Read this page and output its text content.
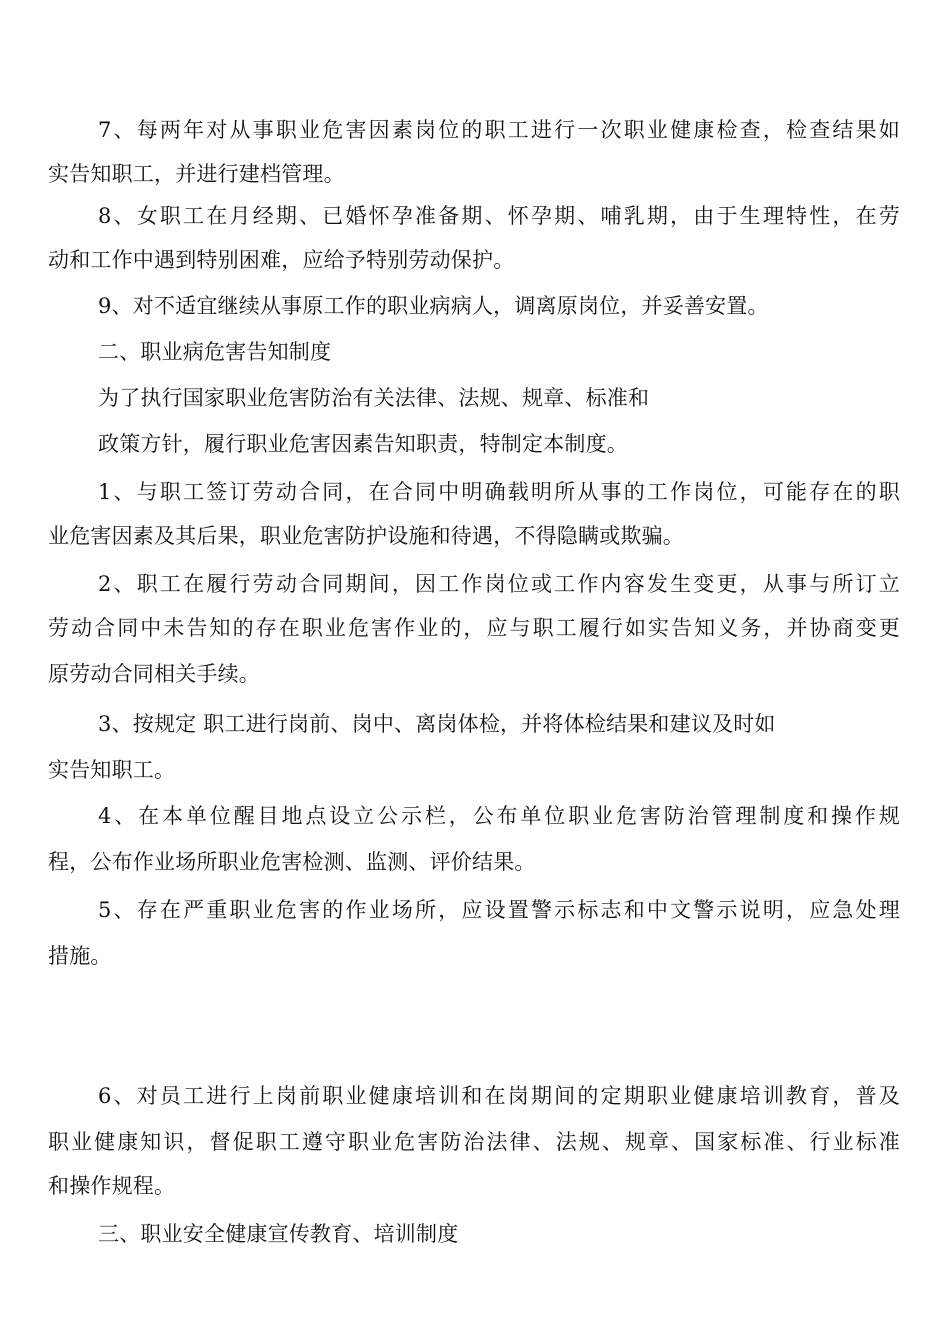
7、每两年对从事职业危害因素岗位的职工进行一次职业健康检查，检查结果如
实告知职工，并进行建档管理。
8、女职工在月经期、已婚怀孕准备期、怀孕期、哺乳期，由于生理特性，在劳
动和工作中遇到特别困难，应给予特别劳动保护。
9、对不适宜继续从事原工作的职业病病人，调离原岗位，并妥善安置。
二、职业病危害告知制度
为了执行国家职业危害防治有关法律、法规、规章、标准和
政策方针，履行职业危害因素告知职责，特制定本制度。
1、与职工签订劳动合同，在合同中明确载明所从事的工作岗位，可能存在的职
业危害因素及其后果，职业危害防护设施和待遇，不得隐瞒或欺骗。
2、职工在履行劳动合同期间，因工作岗位或工作内容发生变更，从事与所订立
劳动合同中未告知的存在职业危害作业的，应与职工履行如实告知义务，并协商变更
原劳动合同相关手续。
3、按规定 职工进行岗前、岗中、离岗体检，并将体检结果和建议及时如
实告知职工。
4、在本单位醒目地点设立公示栏，公布单位职业危害防治管理制度和操作规
程，公布作业场所职业危害检测、监测、评价结果。
5、存在严重职业危害的作业场所，应设置警示标志和中文警示说明，应急处理
措施。
6、对员工进行上岗前职业健康培训和在岗期间的定期职业健康培训教育，普及
职业健康知识，督促职工遵守职业危害防治法律、法规、规章、国家标准、行业标准
和操作规程。
三、职业安全健康宣传教育、培训制度
